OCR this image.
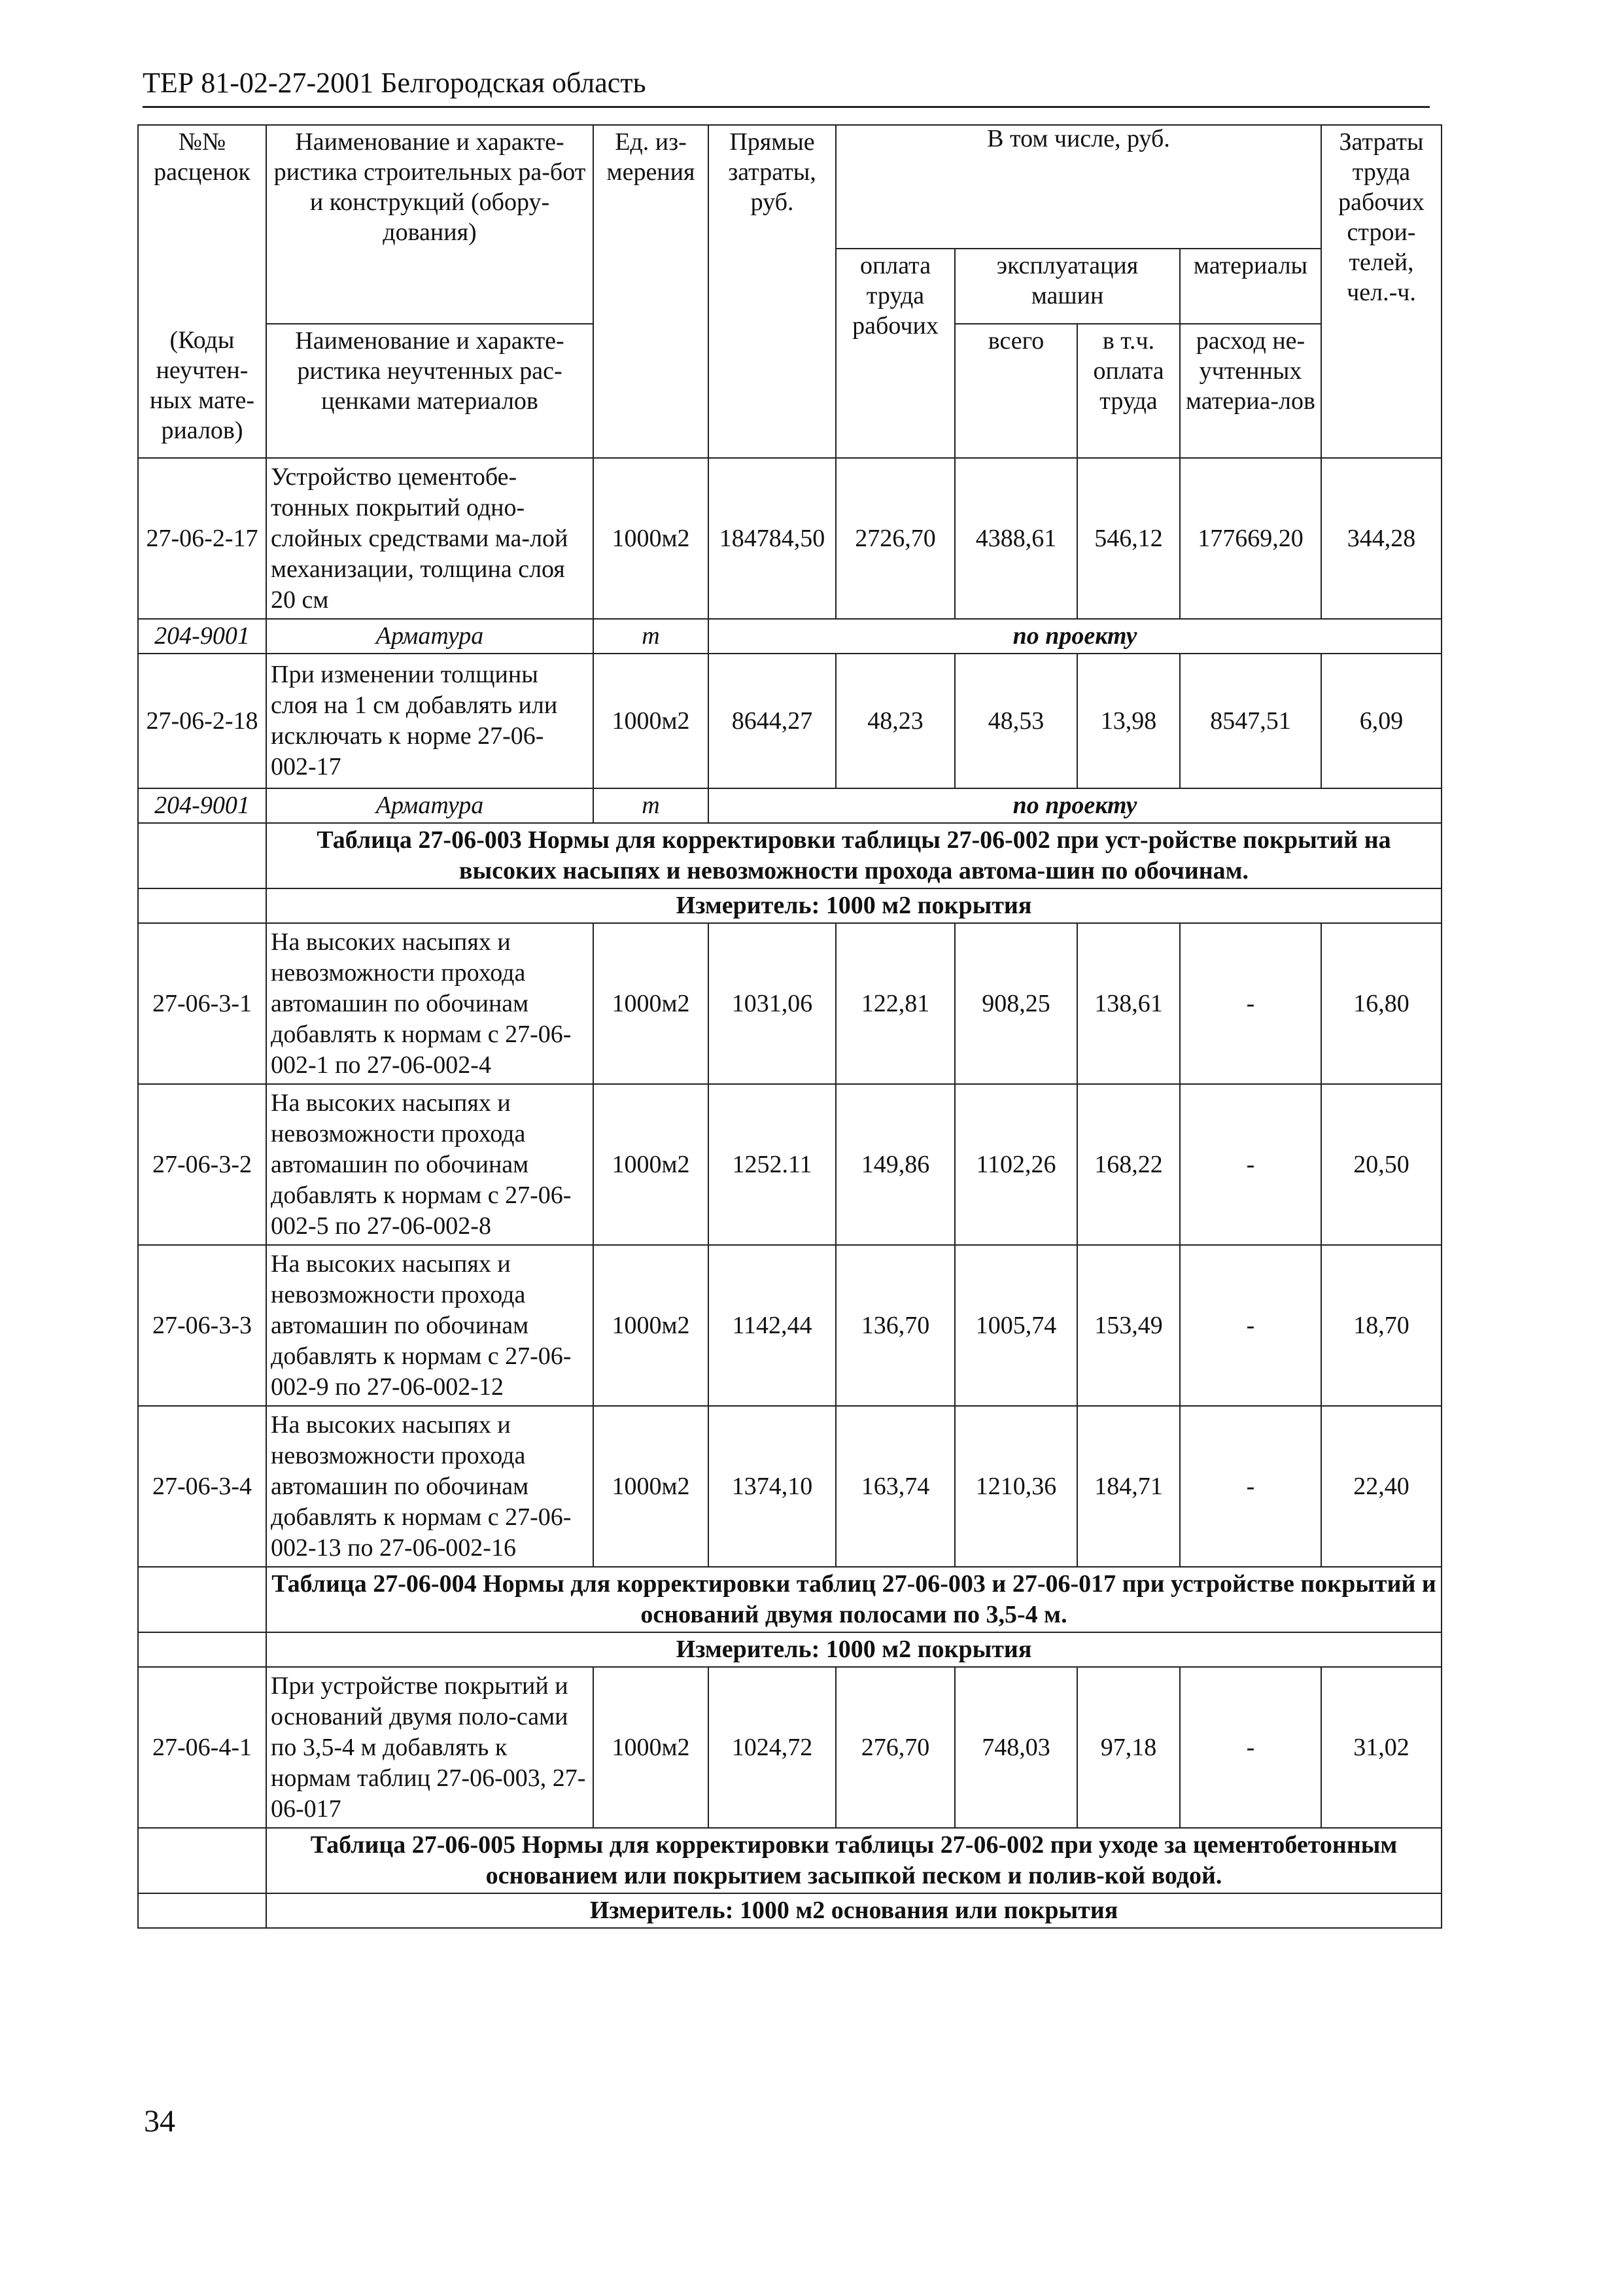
ТЕР 81-02-27-2001 Белгородская область
№№ расценок	Наименование и характе-ристика строительных ра-бот и конструкций (обору-дования)	Ед. из-мерения	Прямые затраты, руб.	В том числе, руб.				Затраты труда рабочих строи-телей, чел.-ч.
				оплата труда рабочих	эксплуатация машин		материалы	
(Коды неучтен-ных мате-риалов)	Наименование и характе-ристика неучтенных рас-ценками материалов				всего	в т.ч. оплата труда	расход не-учтенных материа-лов	
27-06-2-17	Устройство цементобе-тонных покрытий одно-слойных средствами ма-лой механизации, толщина слоя 20 см	1000м2	184784,50	2726,70	4388,61	546,12	177669,20	344,28
204-9001	Арматура	т	по проекту					
27-06-2-18	При изменении толщины слоя на 1 см добавлять или исключать к норме 27-06-002-17	1000м2	8644,27	48,23	48,53	13,98	8547,51	6,09
204-9001	Арматура	т	по проекту					
	Таблица 27-06-003 Нормы для корректировки таблицы 27-06-002 при уст-ройстве покрытий на высоких насыпях и невозможности прохода автома-шин по обочинам.							
	Измеритель: 1000 м2 покрытия							
27-06-3-1	На высоких насыпях и невозможности прохода автомашин по обочинам добавлять к нормам с 27-06-002-1 по 27-06-002-4	1000м2	1031,06	122,81	908,25	138,61	-	16,80
27-06-3-2	На высоких насыпях и невозможности прохода автомашин по обочинам добавлять к нормам с 27-06-002-5 по 27-06-002-8	1000м2	1252.11	149,86	1102,26	168,22	-	20,50
27-06-3-3	На высоких насыпях и невозможности прохода автомашин по обочинам добавлять к нормам с 27-06-002-9 по 27-06-002-12	1000м2	1142,44	136,70	1005,74	153,49	-	18,70
27-06-3-4	На высоких насыпях и невозможности прохода автомашин по обочинам добавлять к нормам с 27-06-002-13 по 27-06-002-16	1000м2	1374,10	163,74	1210,36	184,71	-	22,40
	Таблица 27-06-004 Нормы для корректировки таблиц 27-06-003 и 27-06-017 при устройстве покрытий и оснований двумя полосами по 3,5-4 м.							
	Измеритель: 1000 м2 покрытия							
27-06-4-1	При устройстве покрытий и оснований двумя поло-сами по 3,5-4 м добавлять к нормам таблиц 27-06-003, 27-06-017	1000м2	1024,72	276,70	748,03	97,18	-	31,02
	Таблица 27-06-005 Нормы для корректировки таблицы 27-06-002 при уходе за цементобетонным основанием или покрытием засыпкой песком и полив-кой водой.							
	Измеритель: 1000 м2 основания или покрытия							
34
